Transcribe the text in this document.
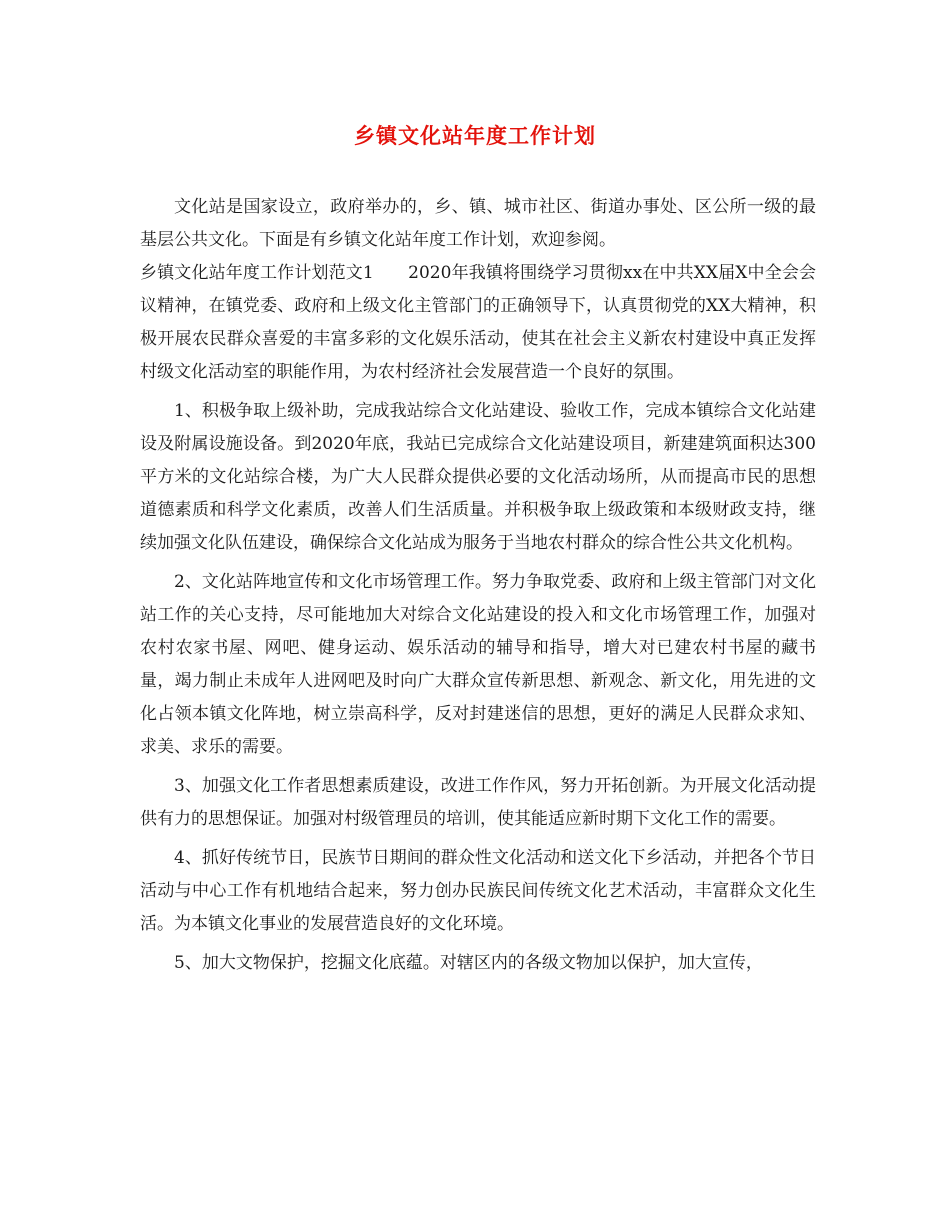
乡镇文化站年度工作计划

文化站是国家设立，政府举办的，乡、镇、城市社区、街道办事处、区公所一级的最基层公共文化。下面是有乡镇文化站年度工作计划，欢迎参阅。

乡镇文化站年度工作计划范文1　　2020年我镇将围绕学习贯彻xx在中共XX届X中全会会议精神，在镇党委、政府和上级文化主管部门的正确领导下，认真贯彻党的XX大精神，积极开展农民群众喜爱的丰富多彩的文化娱乐活动，使其在社会主义新农村建设中真正发挥村级文化活动室的职能作用，为农村经济社会发展营造一个良好的氛围。

1、积极争取上级补助，完成我站综合文化站建设、验收工作，完成本镇综合文化站建设及附属设施设备。到2020年底，我站已完成综合文化站建设项目，新建建筑面积达300平方米的文化站综合楼，为广大人民群众提供必要的文化活动场所，从而提高市民的思想道德素质和科学文化素质，改善人们生活质量。并积极争取上级政策和本级财政支持，继续加强文化队伍建设，确保综合文化站成为服务于当地农村群众的综合性公共文化机构。

2、文化站阵地宣传和文化市场管理工作。努力争取党委、政府和上级主管部门对文化站工作的关心支持，尽可能地加大对综合文化站建设的投入和文化市场管理工作，加强对农村农家书屋、网吧、健身运动、娱乐活动的辅导和指导，增大对已建农村书屋的藏书量，竭力制止未成年人进网吧及时向广大群众宣传新思想、新观念、新文化，用先进的文化占领本镇文化阵地，树立崇高科学，反对封建迷信的思想，更好的满足人民群众求知、求美、求乐的需要。

3、加强文化工作者思想素质建设，改进工作作风，努力开拓创新。为开展文化活动提供有力的思想保证。加强对村级管理员的培训，使其能适应新时期下文化工作的需要。

4、抓好传统节日，民族节日期间的群众性文化活动和送文化下乡活动，并把各个节日活动与中心工作有机地结合起来，努力创办民族民间传统文化艺术活动，丰富群众文化生活。为本镇文化事业的发展营造良好的文化环境。

5、加大文物保护，挖掘文化底蕴。对辖区内的各级文物加以保护，加大宣传，
